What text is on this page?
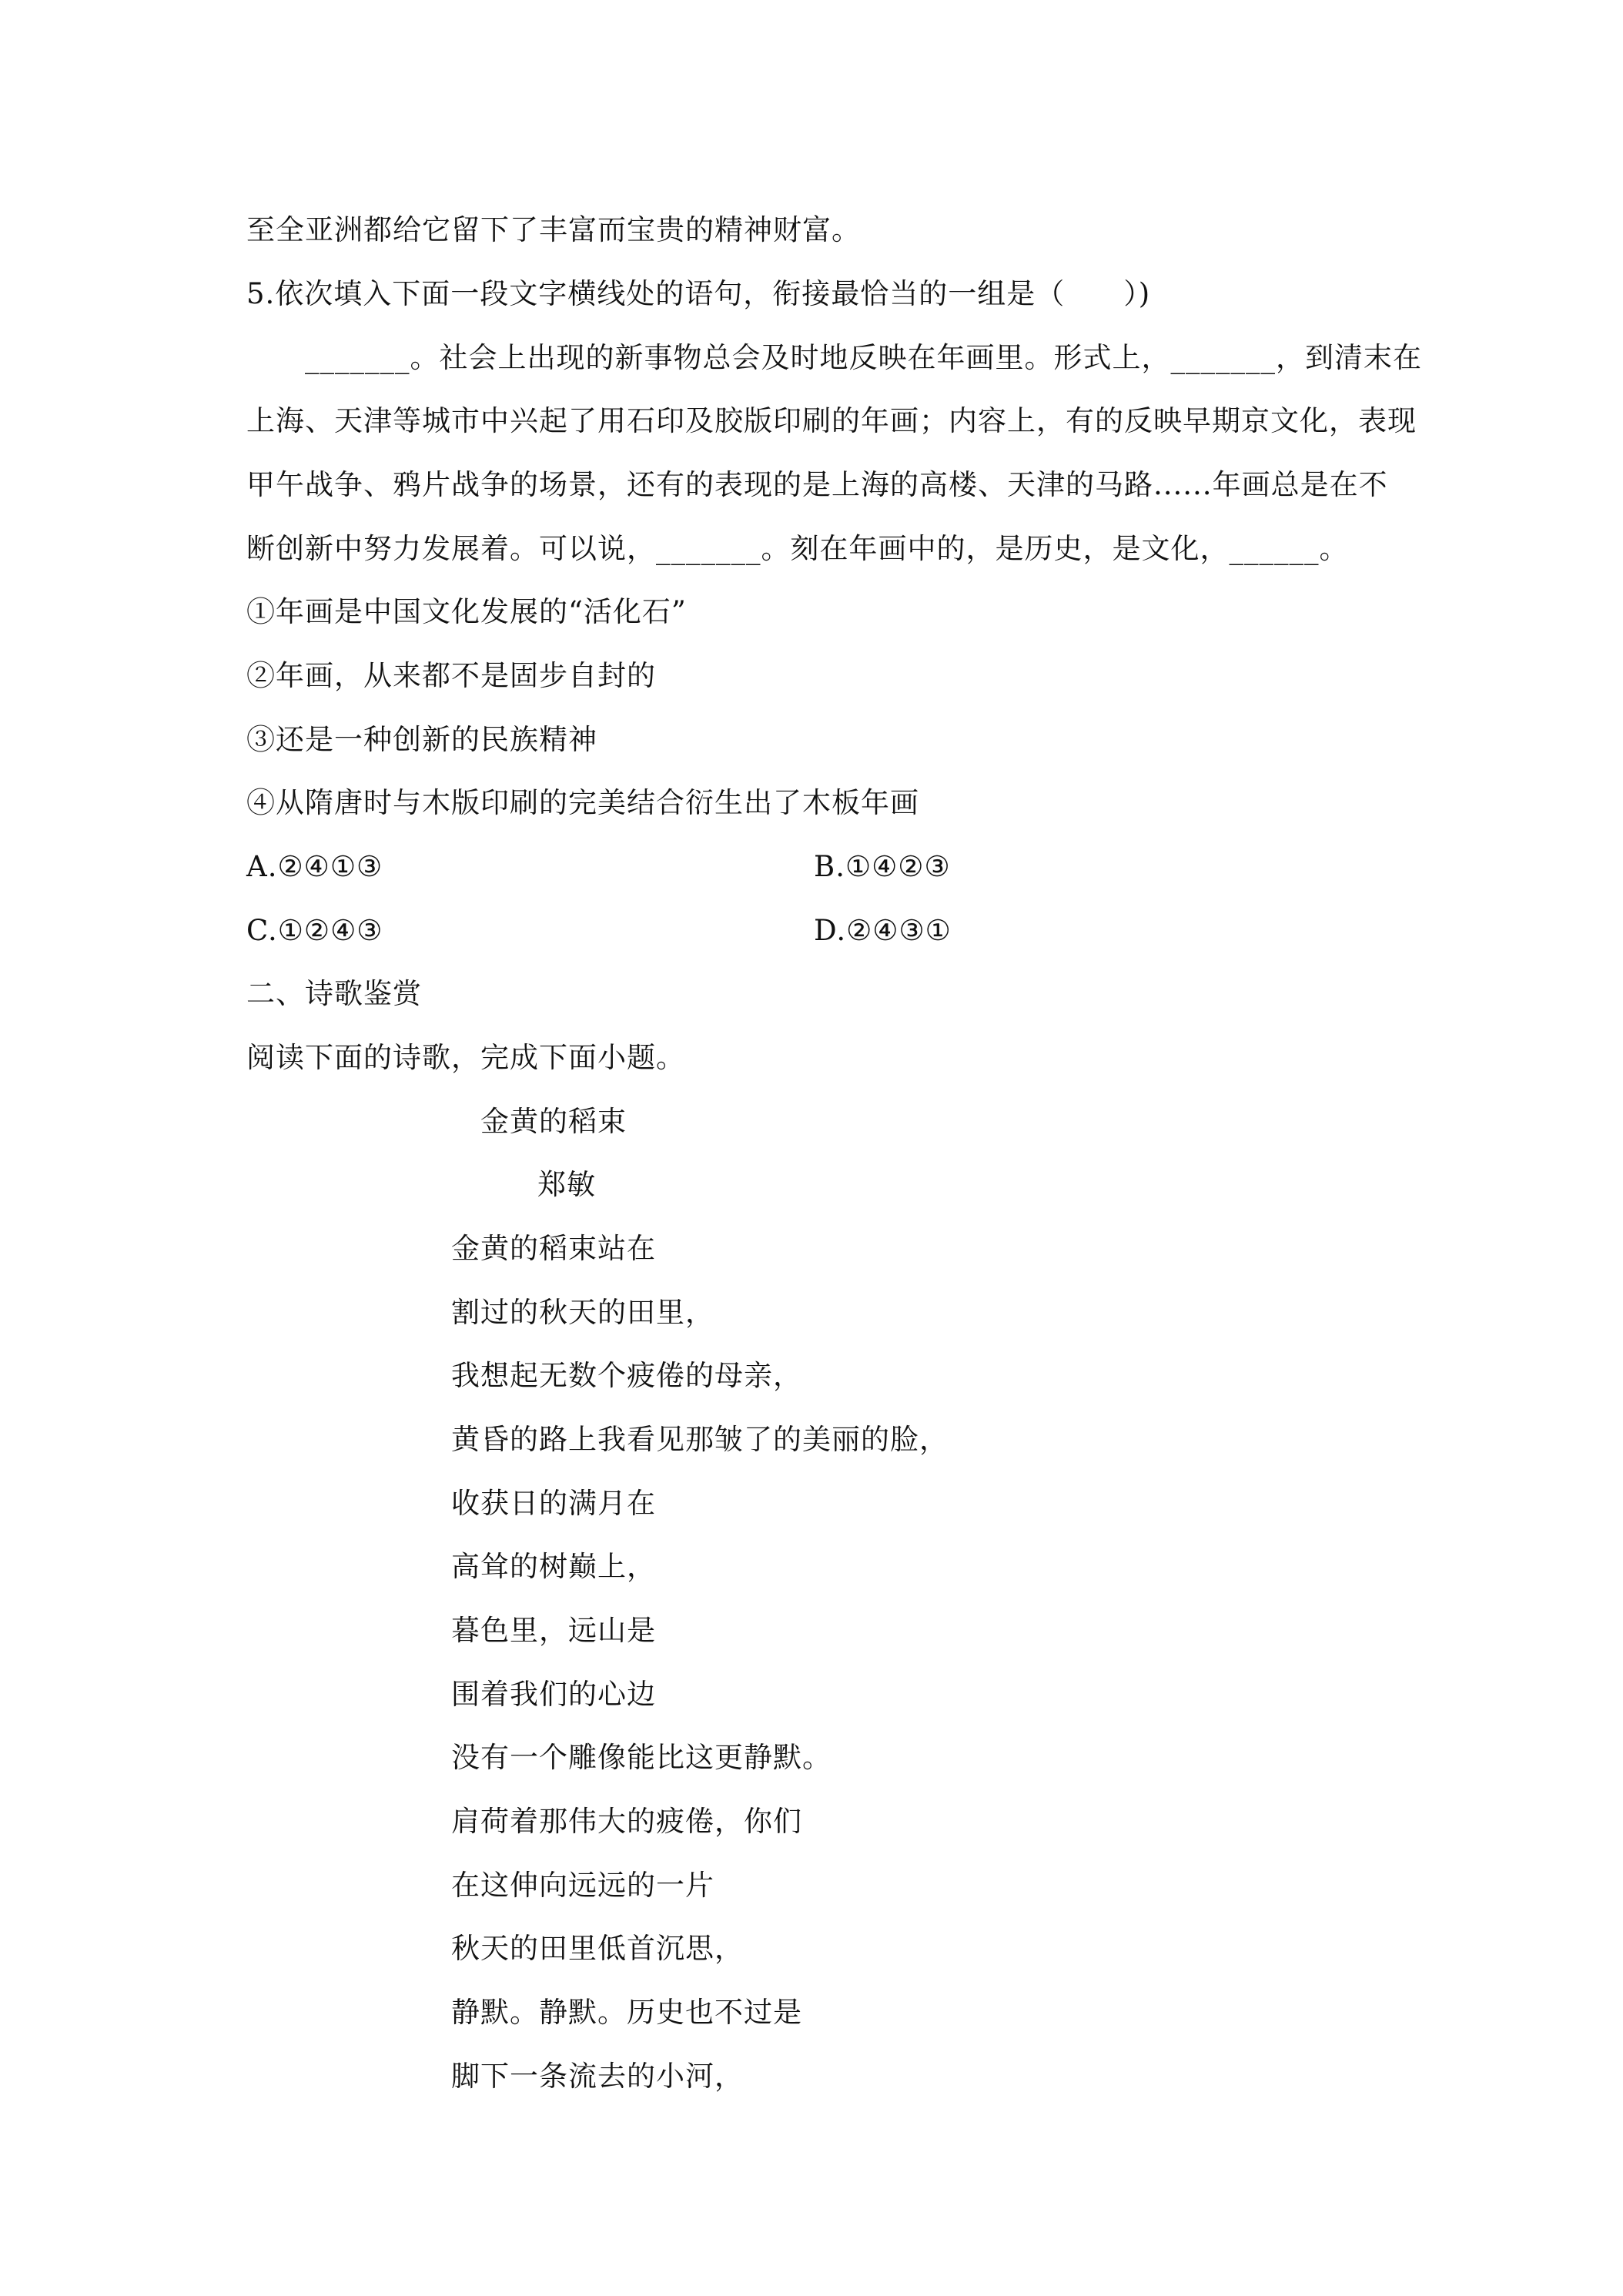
至全亚洲都给它留下了丰富而宝贵的精神财富。
5.依次填入下面一段文字横线处的语句，衔接最恰当的一组是（　　）)
_______。社会上出现的新事物总会及时地反映在年画里。形式上，_______，到清末在
上海、天津等城市中兴起了用石印及胶版印刷的年画；内容上，有的反映早期京文化，表现
甲午战争、鸦片战争的场景，还有的表现的是上海的高楼、天津的马路......年画总是在不
断创新中努力发展着。可以说，_______。刻在年画中的，是历史，是文化，______。
①年画是中国文化发展的“活化石”
②年画，从来都不是固步自封的
③还是一种创新的民族精神
④从隋唐时与木版印刷的完美结合衍生出了木板年画
A.②④①③	B.①④②③
C.①②④③	D.②④③①
二、诗歌鉴赏
阅读下面的诗歌，完成下面小题。
金黄的稻束
郑敏
金黄的稻束站在
割过的秋天的田里，
我想起无数个疲倦的母亲，
黄昏的路上我看见那皱了的美丽的脸，
收获日的满月在
高耸的树巅上，
暮色里，远山是
围着我们的心边
没有一个雕像能比这更静默。
肩荷着那伟大的疲倦，你们
在这伸向远远的一片
秋天的田里低首沉思，
静默。静默。历史也不过是
脚下一条流去的小河，
